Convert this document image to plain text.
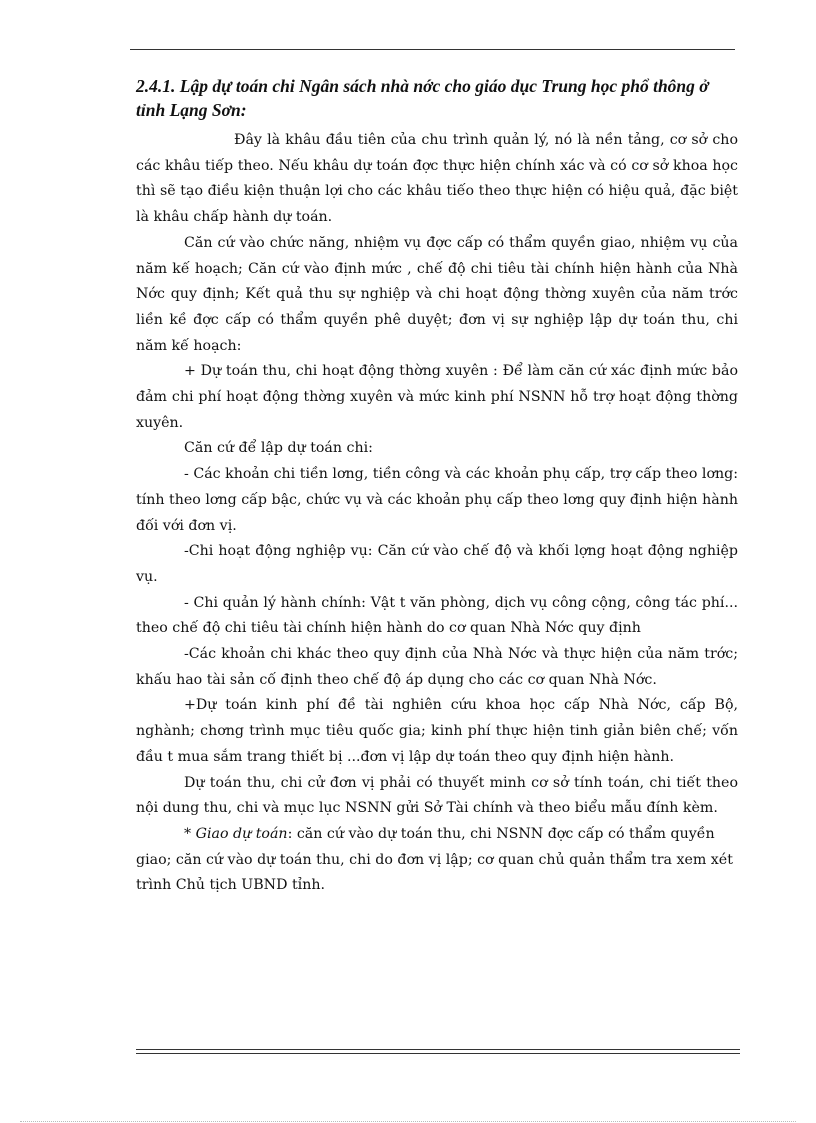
2.4.1. Lập dự toán chi Ngân sách nhà nớc cho giáo dục Trung học phổ thông ở tỉnh Lạng Sơn:

Đây là khâu đầu tiên của chu trình quản lý, nó là nền tảng, cơ sở cho các khâu tiếp theo. Nếu khâu dự toán đợc thực hiện chính xác và có cơ sở khoa học thì sẽ tạo điều kiện thuận lợi cho các khâu tiếo theo thực hiện có hiệu quả, đặc biệt là khâu chấp hành dự toán.

Căn cứ vào chức năng, nhiệm vụ đợc cấp có thẩm quyền giao, nhiệm vụ của năm kế hoạch; Căn cứ vào định mức , chế độ chi tiêu tài chính hiện hành của Nhà Nớc quy định; Kết quả thu sự nghiệp và chi hoạt động thờng xuyên của năm trớc liền kề đợc cấp có thẩm quyền phê duyệt; đơn vị sự nghiệp lập dự toán thu, chi năm kế hoạch:

+ Dự toán thu, chi hoạt động thờng xuyên : Để làm căn cứ xác định mức bảo đảm chi phí hoạt động thờng xuyên và mức kinh phí NSNN hỗ trợ hoạt động thờng xuyên.

Căn cứ để lập dự toán chi:

- Các khoản chi tiền lơng, tiền công và các khoản phụ cấp, trợ cấp theo lơng: tính theo lơng cấp bậc, chức vụ và các khoản phụ cấp theo lơng quy định hiện hành đối với đơn vị.

-Chi hoạt động nghiệp vụ: Căn cứ vào chế độ và khối lợng hoạt động nghiệp vụ.

- Chi quản lý hành chính: Vật t văn phòng, dịch vụ công cộng, công tác phí... theo chế độ chi tiêu tài chính hiện hành do cơ quan Nhà Nớc quy định

-Các khoản chi khác theo quy định của Nhà Nớc và thực hiện của năm trớc; khấu hao tài sản cố định theo chế độ áp dụng cho các cơ quan Nhà Nớc.

+Dự toán kinh phí đề tài nghiên cứu khoa học cấp Nhà Nớc, cấp Bộ, nghành; chơng trình mục tiêu quốc gia; kinh phí thực hiện tinh giản biên chế; vốn đầu t mua sắm trang thiết bị ...đơn vị lập dự toán theo quy định hiện hành.

Dự toán thu, chi cử đơn vị phải có thuyết minh cơ sở tính toán, chi tiết theo nội dung thu, chi và mục lục NSNN gửi Sở Tài chính và theo biểu mẫu đính kèm.

* Giao dự toán: căn cứ vào dự toán thu, chi NSNN đợc cấp có thẩm quyền giao; căn cứ vào dự toán thu, chi do đơn vị lập; cơ quan chủ quản thẩm tra xem xét trình Chủ tịch UBND tỉnh.
